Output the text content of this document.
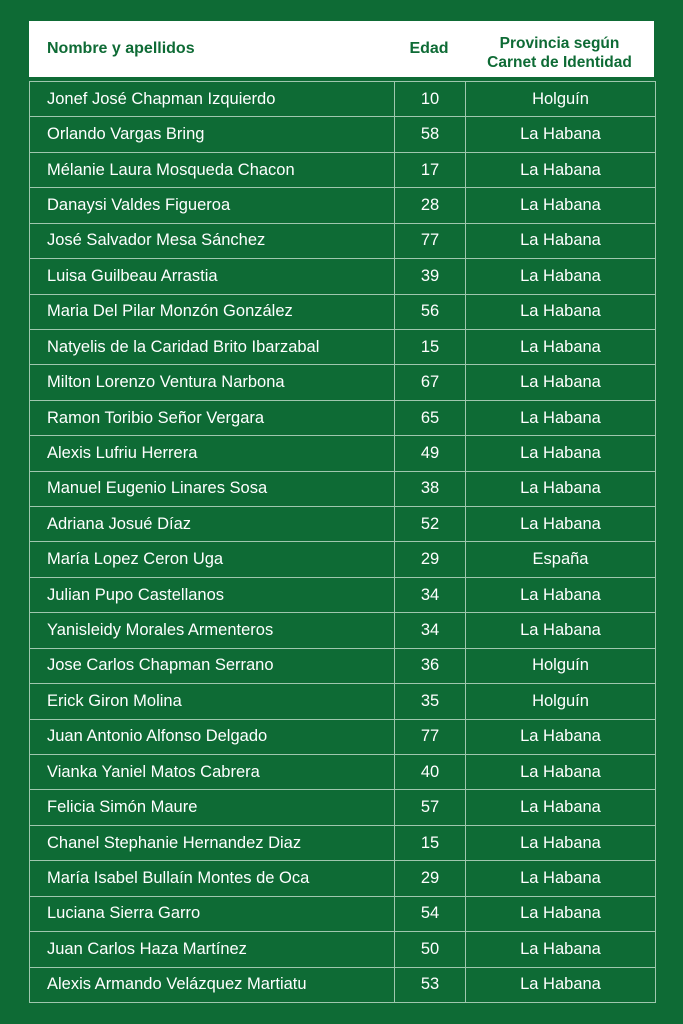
Nombre y apellidos	Edad	Provincia según
Carnet de Identidad
Jonef José Chapman Izquierdo	10	Holguín
Orlando Vargas Bring	58	La Habana
Mélanie Laura Mosqueda Chacon	17	La Habana
Danaysi Valdes Figueroa	28	La Habana
José Salvador Mesa Sánchez	77	La Habana
Luisa Guilbeau Arrastia	39	La Habana
Maria Del Pilar Monzón González	56	La Habana
Natyelis de la Caridad Brito Ibarzabal	15	La Habana
Milton Lorenzo Ventura Narbona	67	La Habana
Ramon Toribio Señor Vergara	65	La Habana
Alexis Lufriu Herrera	49	La Habana
Manuel Eugenio Linares Sosa	38	La Habana
Adriana Josué Díaz	52	La Habana
María Lopez Ceron Uga	29	España
Julian Pupo Castellanos	34	La Habana
Yanisleidy Morales Armenteros	34	La Habana
Jose Carlos Chapman Serrano	36	Holguín
Erick Giron Molina	35	Holguín
Juan Antonio Alfonso Delgado	77	La Habana
Vianka Yaniel Matos Cabrera	40	La Habana
Felicia Simón Maure	57	La Habana
Chanel Stephanie Hernandez Diaz	15	La Habana
María Isabel Bullaín Montes de Oca	29	La Habana
Luciana Sierra Garro	54	La Habana
Juan Carlos Haza Martínez	50	La Habana
Alexis Armando Velázquez Martiatu	53	La Habana
